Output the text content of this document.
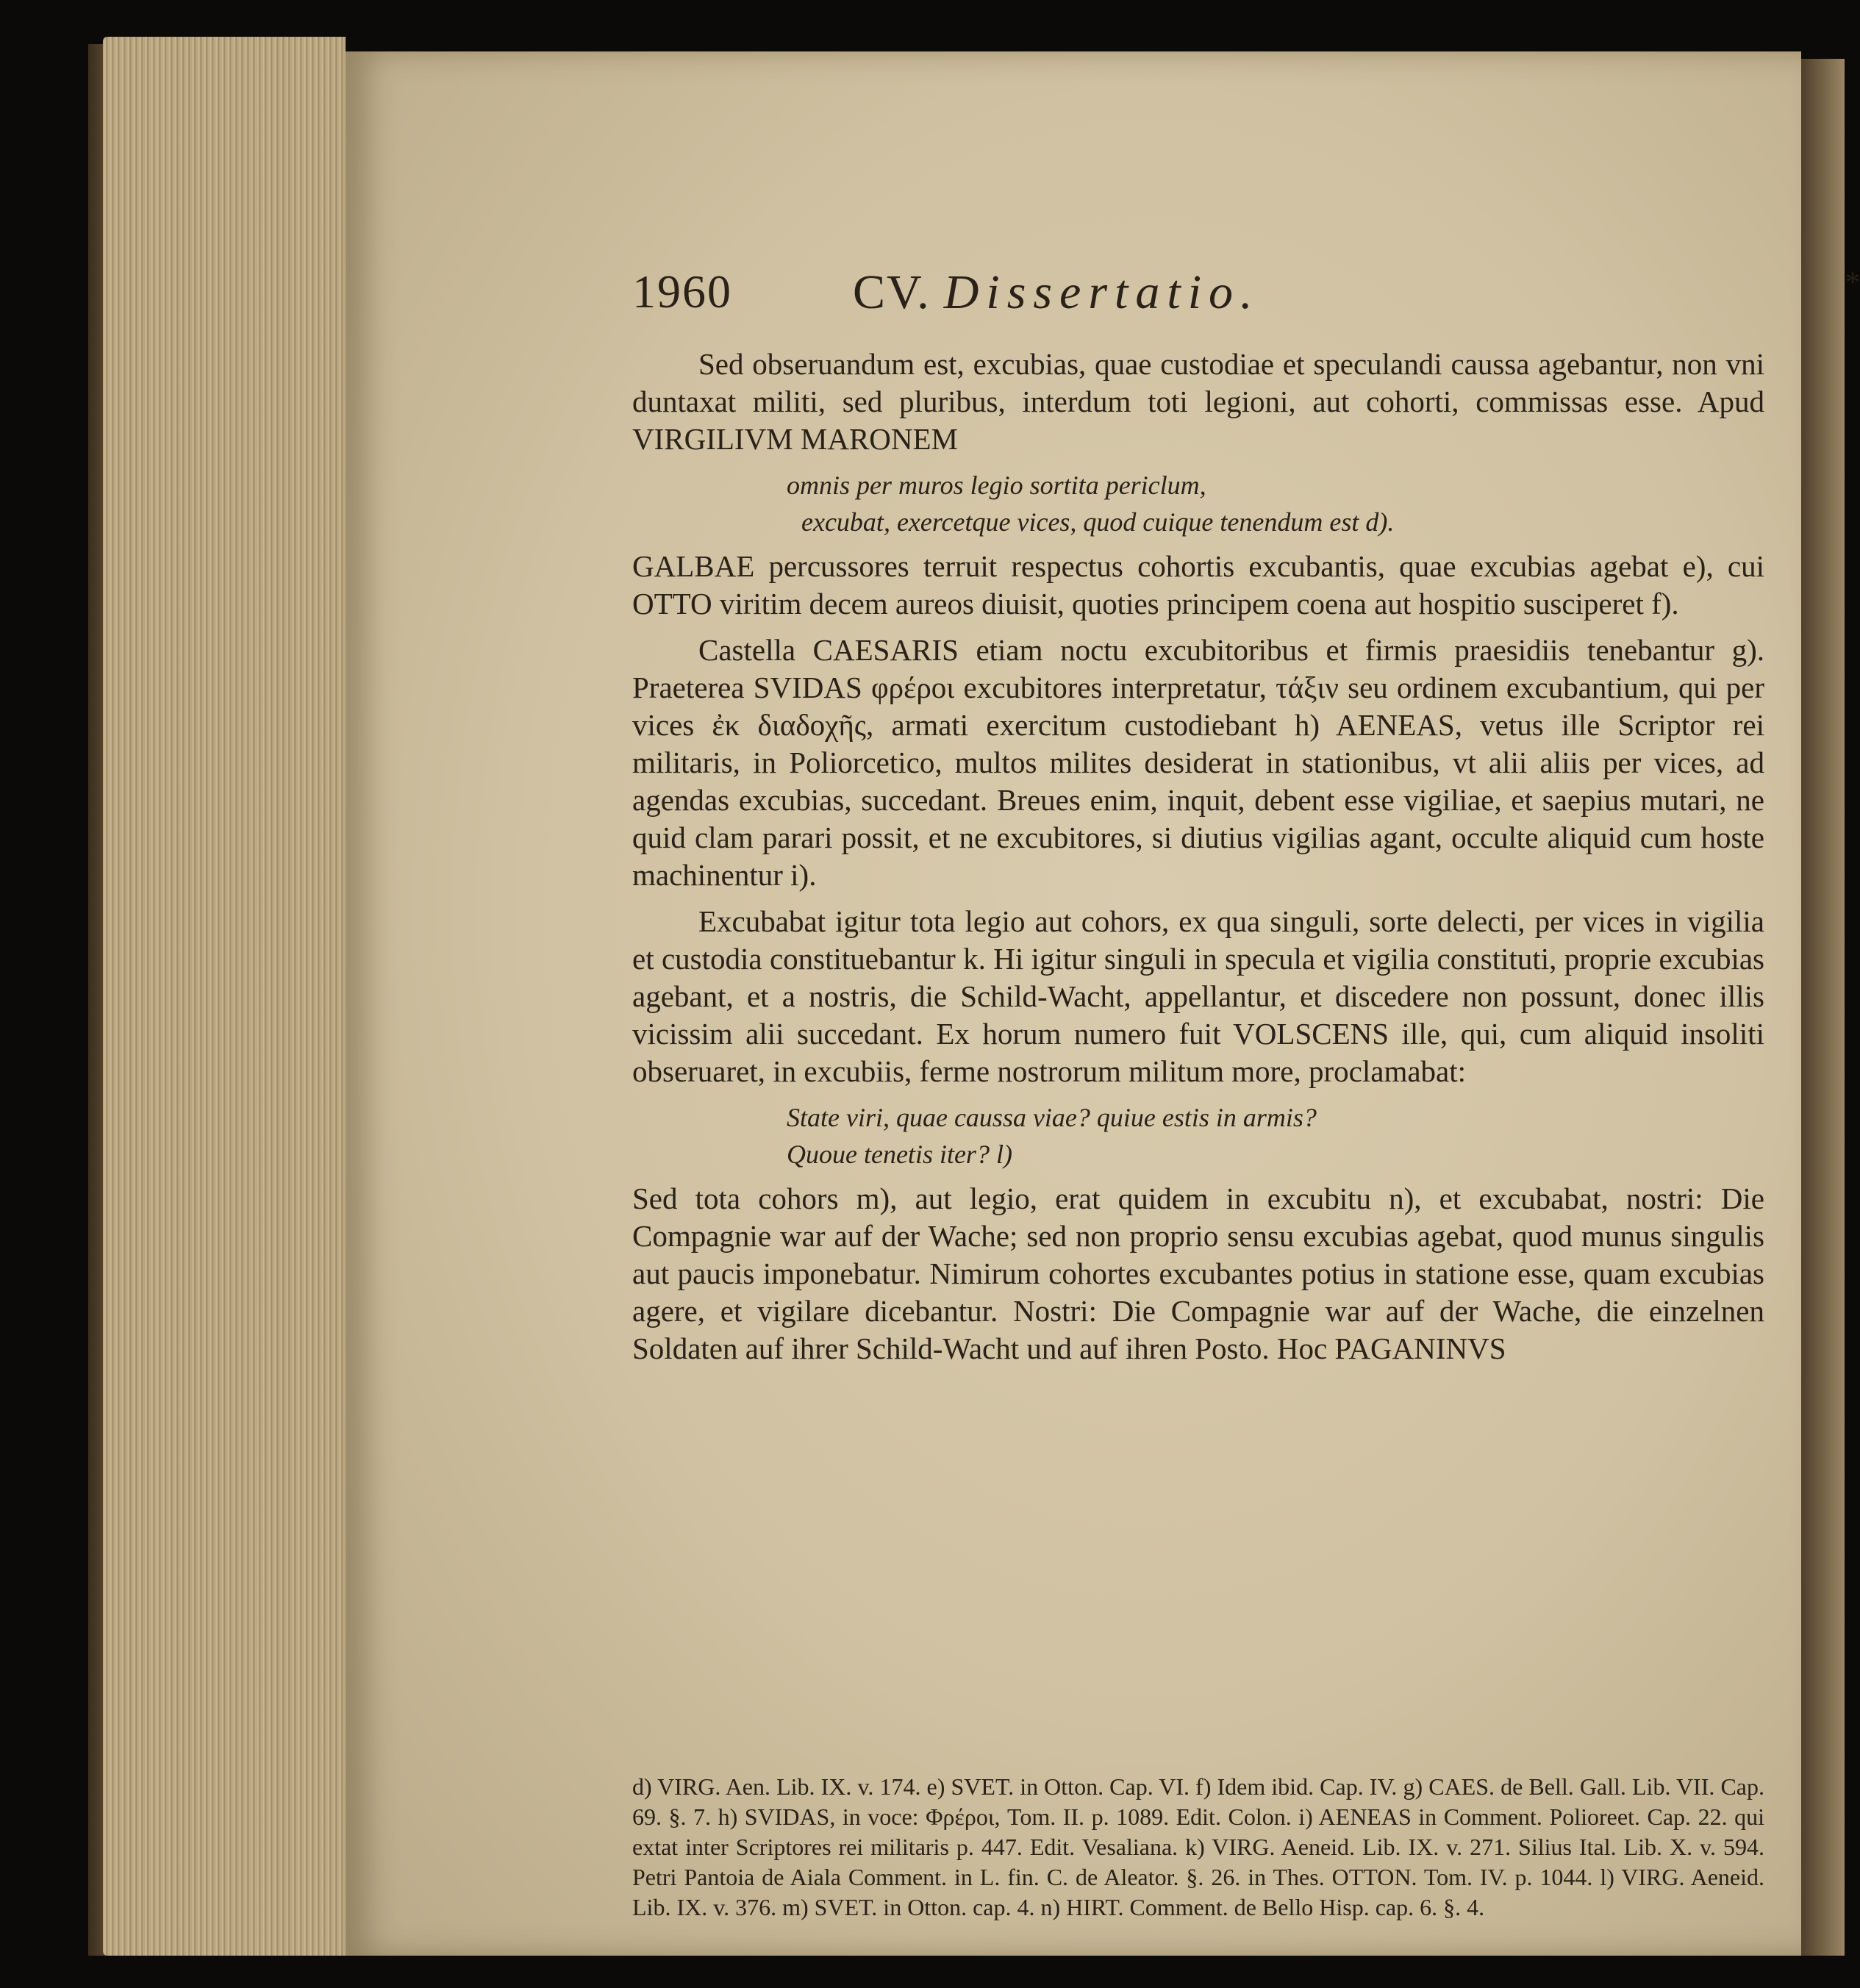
1960 CV. Dissertatio.	*

Sed obseruandum est, excubias, quae custodiae et speculandi caussa agebantur, non vni duntaxat militi, sed pluribus, interdum toti legioni, aut cohorti, commissas esse. Apud VIRGILIVM MARONEM

omnis per muros legio sortita periclum,
excubat, exercetque vices, quod cuique tenendum est d).

GALBAE percussores terruit respectus cohortis excubantis, quae excubias agebat e), cui OTTO viritim decem aureos diuisit, quoties principem coena aut hospitio susciperet f).

Castella CAESARIS etiam noctu excubitoribus et firmis praesidiis tenebantur g). Praeterea SVIDAS φρέροι excubitores interpretatur, τάξιν seu ordinem excubantium, qui per vices ἐκ διαδοχῆς, armati exercitum custodiebant h) AENEAS, vetus ille Scriptor rei militaris, in Poliorcetico, multos milites desiderat in stationibus, vt alii aliis per vices, ad agendas excubias, succedant. Breues enim, inquit, debent esse vigiliae, et saepius mutari, ne quid clam parari possit, et ne excubitores, si diutius vigilias agant, occulte aliquid cum hoste machinentur i).

Excubabat igitur tota legio aut cohors, ex qua singuli, sorte delecti, per vices in vigilia et custodia constituebantur k. Hi igitur singuli in specula et vigilia constituti, proprie excubias agebant, et a nostris, die Schild-Wacht, appellantur, et discedere non possunt, donec illis vicissim alii succedant. Ex horum numero fuit VOLSCENS ille, qui, cum aliquid insoliti obseruaret, in excubiis, ferme nostrorum militum more, proclamabat:

State viri, quae caussa viae? quiue estis in armis?
Quoue tenetis iter? l)

Sed tota cohors m), aut legio, erat quidem in excubitu n), et excubabat, nostri: Die Compagnie war auf der Wache; sed non proprio sensu excubias agebat, quod munus singulis aut paucis imponebatur. Nimirum cohortes excubantes potius in statione esse, quam excubias agere, et vigilare dicebantur. Nostri: Die Compagnie war auf der Wache, die einzelnen Soldaten auf ihrer Schild-Wacht und auf ihren Posto. Hoc PAGANINVS

d) VIRG. Aen. Lib. IX. v. 174. e) SVET. in Otton. Cap. VI. f) Idem ibid. Cap. IV. g) CAES. de Bell. Gall. Lib. VII. Cap. 69. §. 7. h) SVIDAS, in voce: Φρέροι, Tom. II. p. 1089. Edit. Colon. i) AENEAS in Comment. Polioreet. Cap. 22. qui extat inter Scriptores rei militaris p. 447. Edit. Vesaliana. k) VIRG. Aeneid. Lib. IX. v. 271. Silius Ital. Lib. X. v. 594. Petri Pantoia de Aiala Comment. in L. fin. C. de Aleator. §. 26. in Thes. OTTON. Tom. IV. p. 1044. l) VIRG. Aeneid. Lib. IX. v. 376. m) SVET. in Otton. cap. 4. n) HIRT. Comment. de Bello Hisp. cap. 6. §. 4.
